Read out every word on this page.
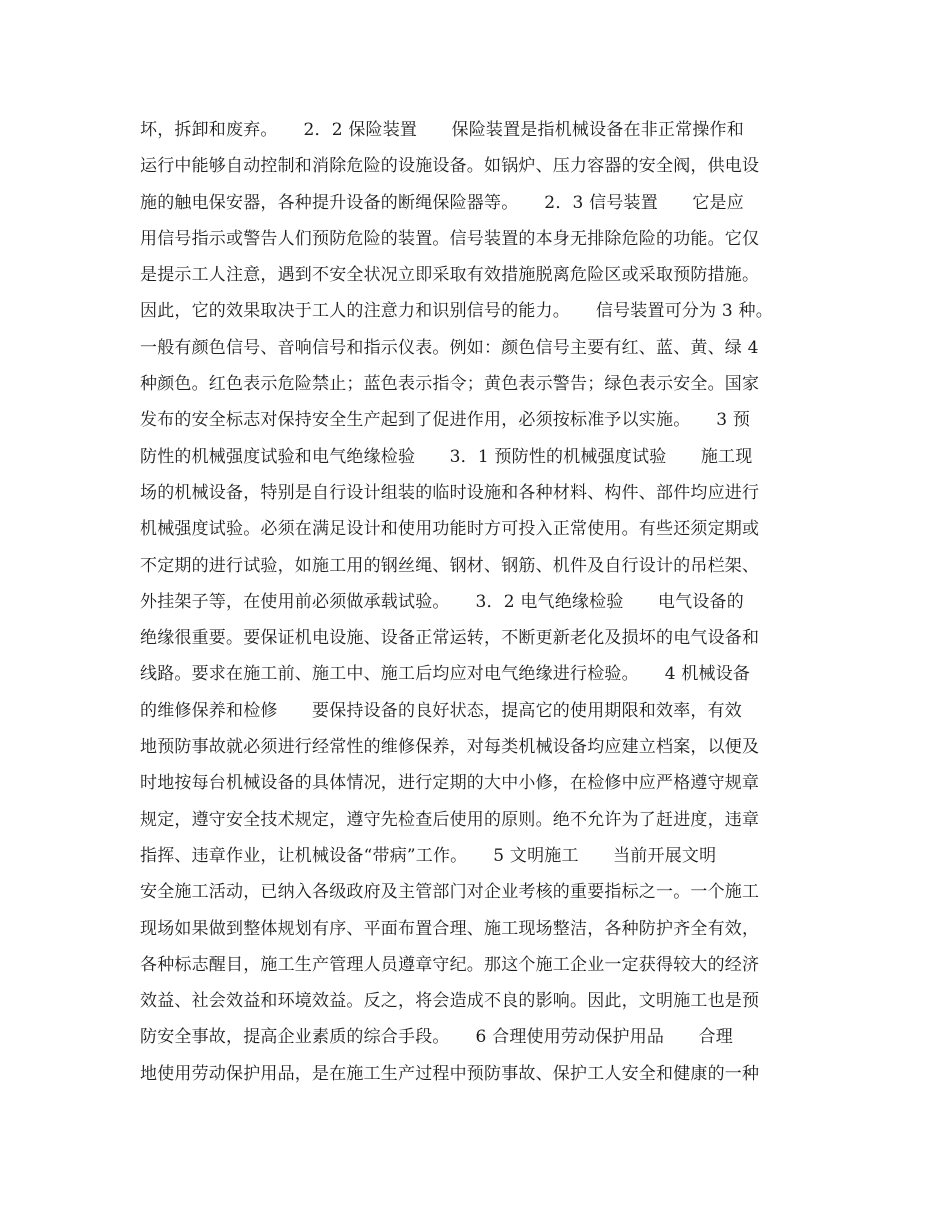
坏，拆卸和废弃。　　2．2 保险装置　　保险装置是指机械设备在非正常操作和
运行中能够自动控制和消除危险的设施设备。如锅炉、压力容器的安全阀，供电设
施的触电保安器，各种提升设备的断绳保险器等。　　2．3 信号装置　　它是应
用信号指示或警告人们预防危险的装置。信号装置的本身无排除危险的功能。它仅
是提示工人注意，遇到不安全状况立即采取有效措施脱离危险区或采取预防措施。
因此，它的效果取决于工人的注意力和识别信号的能力。　　信号装置可分为 3 种。
一般有颜色信号、音响信号和指示仪表。例如：颜色信号主要有红、蓝、黄、绿 4
种颜色。红色表示危险禁止；蓝色表示指令；黄色表示警告；绿色表示安全。国家
发布的安全标志对保持安全生产起到了促进作用，必须按标准予以实施。　　3 预
防性的机械强度试验和电气绝缘检验　　3．1 预防性的机械强度试验　　施工现
场的机械设备，特别是自行设计组装的临时设施和各种材料、构件、部件均应进行
机械强度试验。必须在满足设计和使用功能时方可投入正常使用。有些还须定期或
不定期的进行试验，如施工用的钢丝绳、钢材、钢筋、机件及自行设计的吊栏架、
外挂架子等，在使用前必须做承载试验。　　3．2 电气绝缘检验　　电气设备的
绝缘很重要。要保证机电设施、设备正常运转，不断更新老化及损坏的电气设备和
线路。要求在施工前、施工中、施工后均应对电气绝缘进行检验。　　4 机械设备
的维修保养和检修　　要保持设备的良好状态，提高它的使用期限和效率，有效
地预防事故就必须进行经常性的维修保养，对每类机械设备均应建立档案，以便及
时地按每台机械设备的具体情况，进行定期的大中小修，在检修中应严格遵守规章
规定，遵守安全技术规定，遵守先检查后使用的原则。绝不允许为了赶进度，违章
指挥、违章作业，让机械设备“带病”工作。　　5 文明施工　　当前开展文明
安全施工活动，已纳入各级政府及主管部门对企业考核的重要指标之一。一个施工
现场如果做到整体规划有序、平面布置合理、施工现场整洁，各种防护齐全有效，
各种标志醒目，施工生产管理人员遵章守纪。那这个施工企业一定获得较大的经济
效益、社会效益和环境效益。反之，将会造成不良的影响。因此，文明施工也是预
防安全事故，提高企业素质的综合手段。　　6 合理使用劳动保护用品　　合理
地使用劳动保护用品，是在施工生产过程中预防事故、保护工人安全和健康的一种
